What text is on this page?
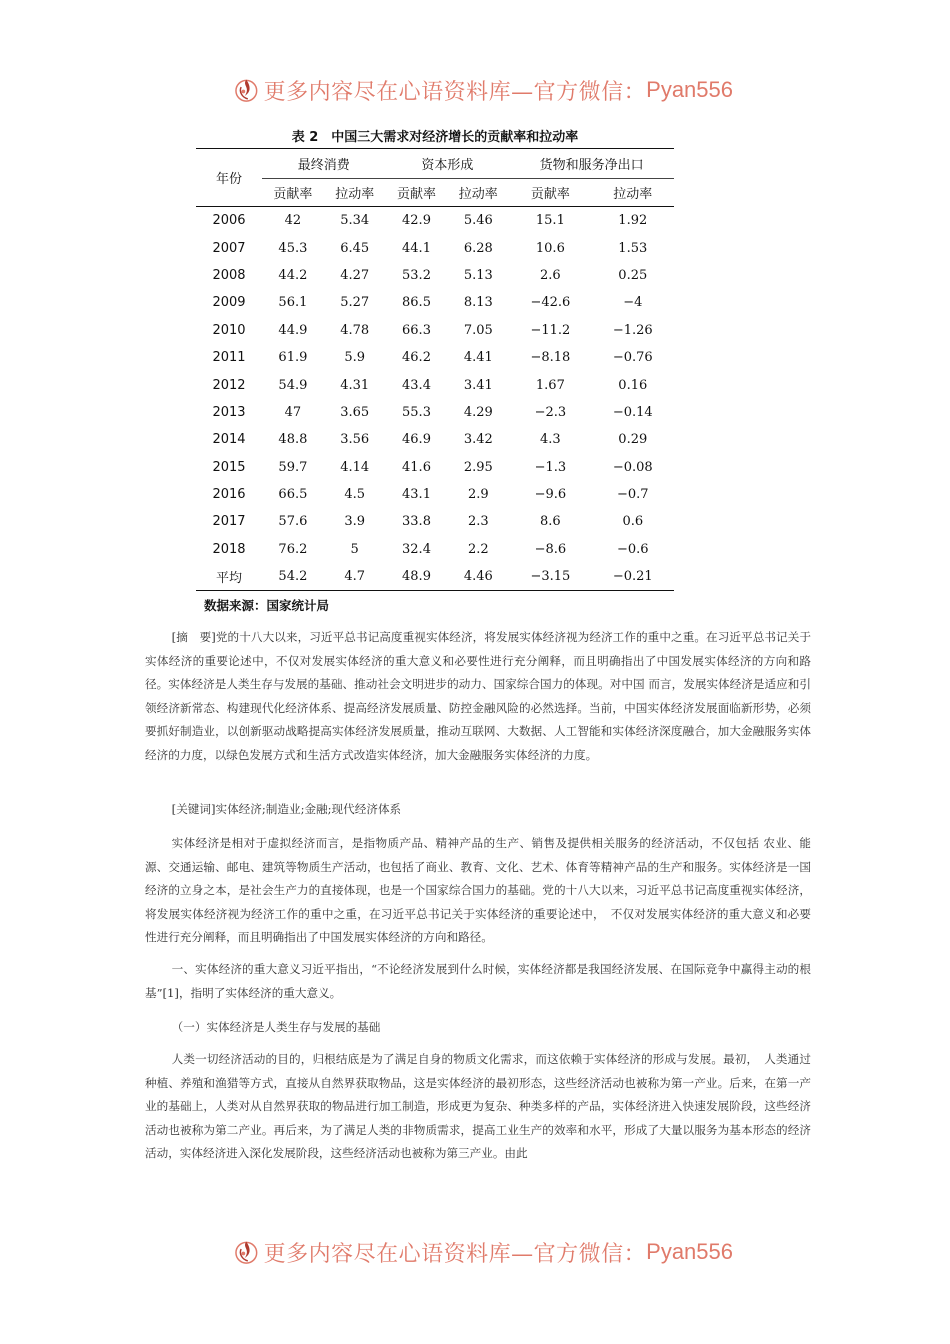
更多内容尽在心语资料库—官方微信： Pyan556
表 2　中国三大需求对经济增长的贡献率和拉动率
年份	最终消费		资本形成		货物和服务净出口	
	贡献率	拉动率	贡献率	拉动率	贡献率	拉动率
2006	42	5.34	42.9	5.46	15.1	1.92
2007	45.3	6.45	44.1	6.28	10.6	1.53
2008	44.2	4.27	53.2	5.13	2.6	0.25
2009	56.1	5.27	86.5	8.13	−42.6	−4
2010	44.9	4.78	66.3	7.05	−11.2	−1.26
2011	61.9	5.9	46.2	4.41	−8.18	−0.76
2012	54.9	4.31	43.4	3.41	1.67	0.16
2013	47	3.65	55.3	4.29	−2.3	−0.14
2014	48.8	3.56	46.9	3.42	4.3	0.29
2015	59.7	4.14	41.6	2.95	−1.3	−0.08
2016	66.5	4.5	43.1	2.9	−9.6	−0.7
2017	57.6	3.9	33.8	2.3	8.6	0.6
2018	76.2	5	32.4	2.2	−8.6	−0.6
平均	54.2	4.7	48.9	4.46	−3.15	−0.21
数据来源：国家统计局

[摘　要]党的十八大以来，习近平总书记高度重视实体经济，将发展实体经济视为经济工作的重中之重。在习近平总书记关于实体经济的重要论述中，不仅对发展实体经济的重大意义和必要性进行充分阐释，而且明确指出了中国发展实体经济的方向和路径。实体经济是人类生存与发展的基础、推动社会文明进步的动力、国家综合国力的体现。对中国 而言，发展实体经济是适应和引领经济新常态、构建现代化经济体系、提高经济发展质量、防控金融风险的必然选择。当前，中国实体经济发展面临新形势，必须要抓好制造业，以创新驱动战略提高实体经济发展质量，推动互联网、大数据、人工智能和实体经济深度融合，加大金融服务实体经济的力度，以绿色发展方式和生活方式改造实体经济，加大金融服务实体经济的力度。

[关键词]实体经济;制造业;金融;现代经济体系

实体经济是相对于虚拟经济而言，是指物质产品、精神产品的生产、销售及提供相关服务的经济活动，不仅包括 农业、能源、交通运输、邮电、建筑等物质生产活动，也包括了商业、教育、文化、艺术、体育等精神产品的生产和服务。实体经济是一国经济的立身之本，是社会生产力的直接体现，也是一个国家综合国力的基础。党的十八大以来，习近平总书记高度重视实体经济，将发展实体经济视为经济工作的重中之重，在习近平总书记关于实体经济的重要论述中，　不仅对发展实体经济的重大意义和必要性进行充分阐释，而且明确指出了中国发展实体经济的方向和路径。

一、实体经济的重大意义习近平指出，“不论经济发展到什么时候，实体经济都是我国经济发展、在国际竞争中赢得主动的根基”[1]，指明了实体经济的重大意义。

（一）实体经济是人类生存与发展的基础

人类一切经济活动的目的，归根结底是为了满足自身的物质文化需求，而这依赖于实体经济的形成与发展。最初，　人类通过种植、养殖和渔猎等方式，直接从自然界获取物品，这是实体经济的最初形态，这些经济活动也被称为第一产业。后来，在第一产业的基础上，人类对从自然界获取的物品进行加工制造，形成更为复杂、种类多样的产品，实体经济进入快速发展阶段，这些经济活动也被称为第二产业。再后来，为了满足人类的非物质需求，提高工业生产的效率和水平，形成了大量以服务为基本形态的经济活动，实体经济进入深化发展阶段，这些经济活动也被称为第三产业。由此

更多内容尽在心语资料库—官方微信： Pyan556
